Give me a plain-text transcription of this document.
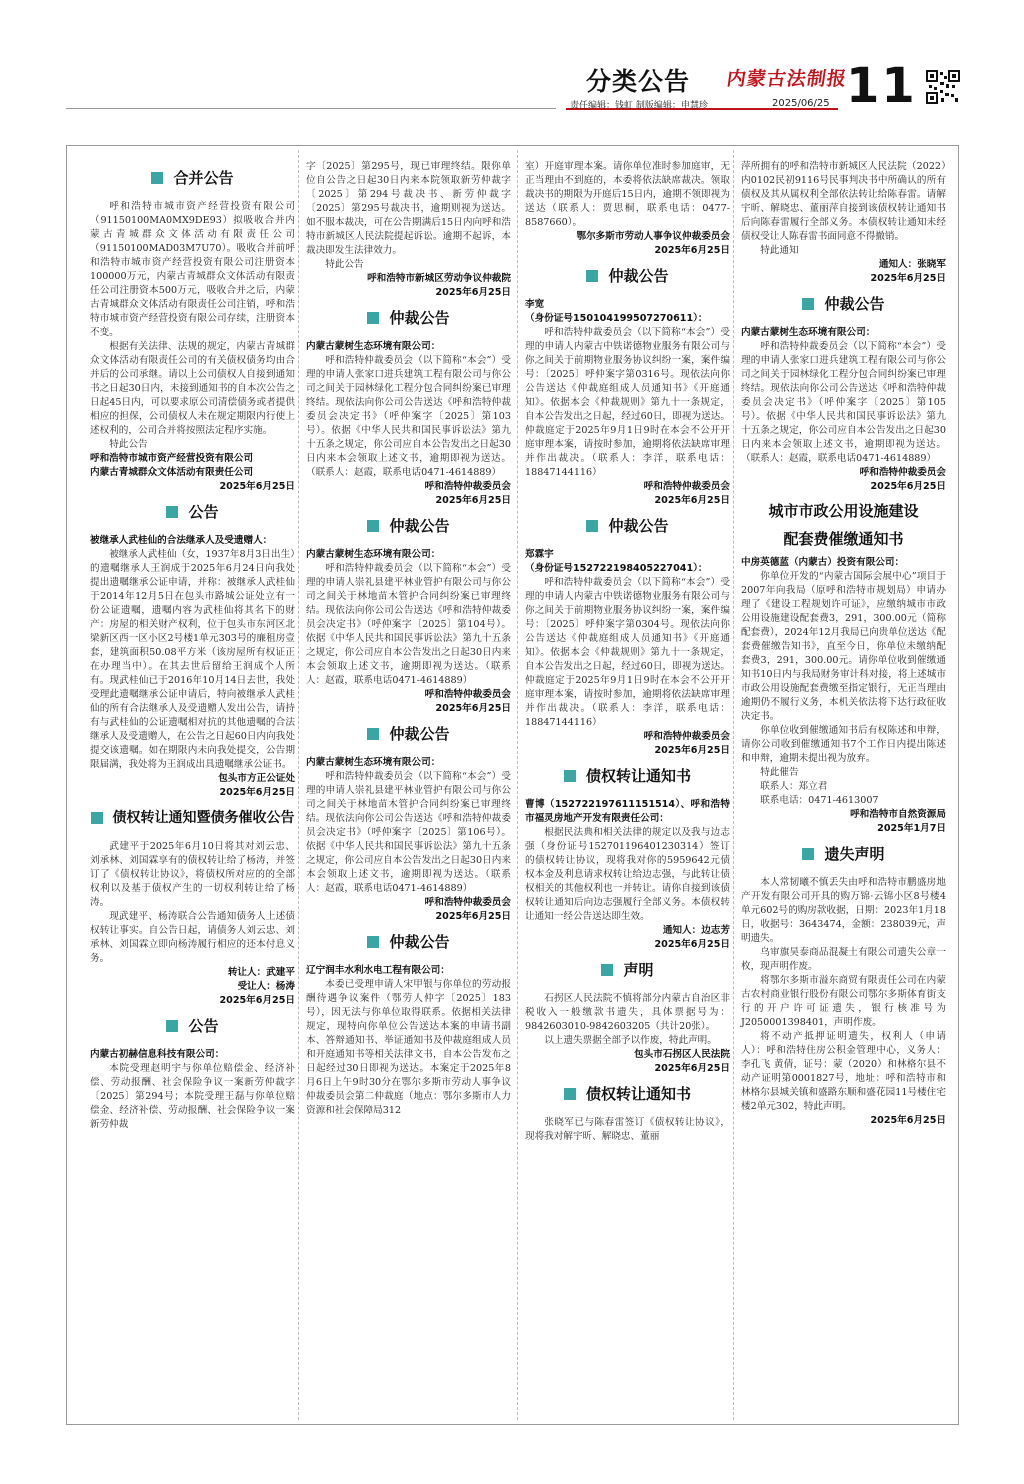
分类公告 内蒙古法制报
11
责任编辑：钱虹 制版编辑：申慧珍	2025/06/25
合并公告
呼和浩特市城市资产经营投资有限公司（91150100MA0MX9DE93）拟吸收合并内蒙古青城群众文体活动有限责任公司（91150100MAD03M7U70）。吸收合并前呼和浩特市城市资产经营投资有限公司注册资本100000万元，内蒙古青城群众文体活动有限责任公司注册资本500万元，吸收合并之后，内蒙古青城群众文体活动有限责任公司注销，呼和浩特市城市资产经营投资有限公司存续，注册资本不变。
根据有关法律、法规的规定，内蒙古青城群众文体活动有限责任公司的有关债权债务均由合并后的公司承继。请以上公司债权人自接到通知书之日起30日内，未接到通知书的自本次公告之日起45日内，可以要求原公司清偿债务或者提供相应的担保，公司债权人未在规定期限内行使上述权利的，公司合并将按照法定程序实施。
特此公告
呼和浩特市城市资产经营投资有限公司
内蒙古青城群众文体活动有限责任公司
2025年6月25日
公告
被继承人武桂仙的合法继承人及受遗赠人：
被继承人武桂仙（女，1937年8月3日出生）的遗嘱继承人王润成于2025年6月24日向我处提出遗嘱继承公证申请，并称：被继承人武桂仙于2014年12月5日在包头市路城公证处立有一份公证遗嘱，遗嘱内容为武桂仙将其名下的财产：房屋的相关财产权利，位于包头市东河区北梁新区西一区小区2号楼1单元303号的廉租房壹套，建筑面积50.08平方米（该房屋所有权证正在办理当中）。在其去世后留给王润成个人所有。现武桂仙已于2016年10月14日去世，我处受理此遗嘱继承公证申请后，特向被继承人武桂仙的所有合法继承人及受遗赠人发出公告，请持有与武桂仙的公证遗嘱相对抗的其他遗嘱的合法继承人及受遗赠人，在公告之日起60日内向我处提交该遗嘱。如在期限内未向我处提交，公告期限届满，我处将为王润成出具遗嘱继承公证书。
包头市方正公证处
2025年6月25日
债权转让通知暨债务催收公告
武建平于2025年6月10日将其对刘云忠、刘承林、刘国霖享有的债权转让给了杨涛，并签订了《债权转让协议》，将债权所对应的的全部权利以及基于债权产生的一切权利转让给了杨涛。
现武建平、杨涛联合公告通知债务人上述债权转让事实。自公告日起，请债务人刘云忠、刘承林、刘国霖立即向杨涛履行相应的还本付息义务。
转让人：武建平
受让人：杨涛
2025年6月25日
公告
内蒙古初赫信息科技有限公司：
本院受理赵明宇与你单位赔偿金、经济补偿、劳动报酬、社会保险争议一案新劳仲裁字〔2025〕第294号；本院受理王磊与你单位赔偿金、经济补偿、劳动报酬、社会保险争议一案新劳仲裁
字〔2025〕第295号，现已审理终结。限你单位自公告之日起30日内来本院领取新劳仲裁字〔2025〕第294号裁决书、新劳仲裁字〔2025〕第295号裁决书，逾期则视为送达。如不服本裁决，可在公告期满后15日内向呼和浩特市新城区人民法院提起诉讼。逾期不起诉，本裁决即发生法律效力。
特此公告
呼和浩特市新城区劳动争议仲裁院
2025年6月25日
仲裁公告
内蒙古蒙树生态环境有限公司：
呼和浩特仲裁委员会（以下简称“本会”）受理的申请人张家口进兵建筑工程有限公司与你公司之间关于园林绿化工程分包合同纠纷案已审理终结。现依法向你公司公告送达《呼和浩特仲裁委员会决定书》（呼仲案字〔2025〕第103号）。依据《中华人民共和国民事诉讼法》第九十五条之规定，你公司应自本公告发出之日起30日内来本会领取上述文书，逾期即视为送达。（联系人：赵霞，联系电话0471-4614889）
呼和浩特仲裁委员会
2025年6月25日
仲裁公告
内蒙古蒙树生态环境有限公司：
呼和浩特仲裁委员会（以下简称“本会”）受理的申请人崇礼县建平林业管护有限公司与你公司之间关于林地苗木管护合同纠纷案已审理终结。现依法向你公司公告送达《呼和浩特仲裁委员会决定书》（呼仲案字〔2025〕第104号）。依据《中华人民共和国民事诉讼法》第九十五条之规定，你公司应自本公告发出之日起30日内来本会领取上述文书，逾期即视为送达。（联系人：赵霞，联系电话0471-4614889）
呼和浩特仲裁委员会
2025年6月25日
仲裁公告
内蒙古蒙树生态环境有限公司：
呼和浩特仲裁委员会（以下简称“本会”）受理的申请人崇礼县建平林业管护有限公司与你公司之间关于林地苗木管护合同纠纷案已审理终结。现依法向你公司公告送达《呼和浩特仲裁委员会决定书》（呼仲案字〔2025〕第106号）。依据《中华人民共和国民事诉讼法》第九十五条之规定，你公司应自本公告发出之日起30日内来本会领取上述文书，逾期即视为送达。（联系人：赵霞，联系电话0471-4614889）
呼和浩特仲裁委员会
2025年6月25日
仲裁公告
辽宁润丰水利水电工程有限公司：
本委已受理申请人宋甲银与你单位的劳动报酬待遇争议案件（鄂劳人仲字〔2025〕183号），因无法与你单位取得联系。依据相关法律规定，现特向你单位公告送达本案的申请书副本、答辩通知书、举证通知书及仲裁庭组成人员和开庭通知书等相关法律文书，自本公告发布之日起经过30日即视为送达。本案定于2025年8月6日上午9时30分在鄂尔多斯市劳动人事争议仲裁委员会第二仲裁庭（地点：鄂尔多斯市人力资源和社会保障局312
室）开庭审理本案。请你单位准时参加庭审，无正当理由不到庭的，本委将依法缺席裁决。领取裁决书的期限为开庭后15日内，逾期不领即视为送达（联系人：贾思桐，联系电话：0477-8587660）。
鄂尔多斯市劳动人事争议仲裁委员会
2025年6月25日
仲裁公告
李宽
（身份证号150104199507270611）：
呼和浩特仲裁委员会（以下简称“本会”）受理的申请人内蒙古中铁诺德物业服务有限公司与你之间关于前期物业服务协议纠纷一案，案件编号：〔2025〕呼仲案字第0316号。现依法向你公告送达《仲裁庭组成人员通知书》《开庭通知》。依据本会《仲裁规则》第九十一条规定，自本公告发出之日起，经过60日，即视为送达。仲裁庭定于2025年9月1日9时在本会不公开开庭审理本案，请按时参加，逾期将依法缺席审理并作出裁决。（联系人：李洋，联系电话：18847144116）
呼和浩特仲裁委员会
2025年6月25日
仲裁公告
郑霖宇
（身份证号152722198405227041）：
呼和浩特仲裁委员会（以下简称“本会”）受理的申请人内蒙古中铁诺德物业服务有限公司与你之间关于前期物业服务协议纠纷一案，案件编号：〔2025〕呼仲案字第0304号。现依法向你公告送达《仲裁庭组成人员通知书》《开庭通知》。依据本会《仲裁规则》第九十一条规定，自本公告发出之日起，经过60日，即视为送达。仲裁庭定于2025年9月1日9时在本会不公开开庭审理本案，请按时参加，逾期将依法缺席审理并作出裁决。（联系人：李洋，联系电话：18847144116）
呼和浩特仲裁委员会
2025年6月25日
债权转让通知书
曹博（152722197611151514）、呼和浩特市福灵房地产开发有限责任公司：
根据民法典和相关法律的规定以及我与边志强（身份证号152701196401230314）签订的债权转让协议，现将我对你的5959642元债权本金及利息请求权转让给边志强，与此转让债权相关的其他权利也一并转让。请你自接到该债权转让通知后向边志强履行全部义务。本债权转让通知一经公告送达即生效。
通知人：边志芳
2025年6月25日
声明
石拐区人民法院不慎将部分内蒙古自治区非税收入一般缴款书遗失，具体票据号为：9842603010-9842603205（共计20张）。
以上遗失票据全部予以作废，特此声明。
包头市石拐区人民法院
2025年6月25日
债权转让通知书
张晓军已与陈春雷签订《债权转让协议》，现将我对解宇昕、解晓忠、董丽
萍所拥有的呼和浩特市新城区人民法院（2022）内0102民初9116号民事判决书中所确认的所有债权及其从属权利全部依法转让给陈春雷。请解宇昕、解晓忠、董丽萍自接到该债权转让通知书后向陈春雷履行全部义务。本债权转让通知未经债权受让人陈春雷书面同意不得撤销。
特此通知
通知人：张晓军
2025年6月25日
仲裁公告
内蒙古蒙树生态环境有限公司：
呼和浩特仲裁委员会（以下简称“本会”）受理的申请人张家口进兵建筑工程有限公司与你公司之间关于园林绿化工程分包合同纠纷案已审理终结。现依法向你公司公告送达《呼和浩特仲裁委员会决定书》（呼仲案字〔2025〕第105号）。依据《中华人民共和国民事诉讼法》第九十五条之规定，你公司应自本公告发出之日起30日内来本会领取上述文书，逾期即视为送达。（联系人：赵霞，联系电话0471-4614889）
呼和浩特仲裁委员会
2025年6月25日
城市市政公用设施建设
配套费催缴通知书
中房英德蓝（内蒙古）投资有限公司：
你单位开发的“内蒙古国际会展中心”项目于2007年向我局（原呼和浩特市规划局）申请办理了《建设工程规划许可证》，应缴纳城市市政公用设施建设配套费3，291，300.00元（简称配套费），2024年12月我局已向贵单位送达《配套费催缴告知书》，直至今日，你单位未缴纳配套费3，291，300.00元。请你单位收到催缴通知书10日内与我局财务审计科对接，将上述城市市政公用设施配套费缴至指定银行，无正当理由逾期仍不履行义务，本机关依法将下达行政征收决定书。
你单位收到催缴通知书后有权陈述和申辩，请你公司收到催缴通知书7个工作日内提出陈述和申辩，逾期未提出视为放弃。
特此催告
联系人：郑立君
联系电话：0471-4613007
呼和浩特市自然资源局
2025年1月7日
遗失声明
本人常韧曦不慎丢失由呼和浩特市鹏盛房地产开发有限公司开具的购万锦·云锦小区8号楼4单元602号的购房款收据，日期：2023年1月18日，收据号：3643474，金额：238039元，声明遗失。
乌审旗昊泰商品混凝土有限公司遗失公章一枚，现声明作废。
将鄂尔多斯市溢东商贸有限责任公司在内蒙古农村商业银行股份有限公司鄂尔多斯体育街支行的开户许可证遗失，银行核准号为J2050001398401，声明作废。
将不动产抵押证明遗失，权利人（申请人）：呼和浩特住房公积金管理中心，义务人：李孔飞 黄倩，证号：蒙（2020）和林格尔县不动产证明第0001827号，地址：呼和浩特市和林格尔县城关镇和盛路东顺和盛花园11号楼住宅楼2单元302，特此声明。
2025年6月25日
